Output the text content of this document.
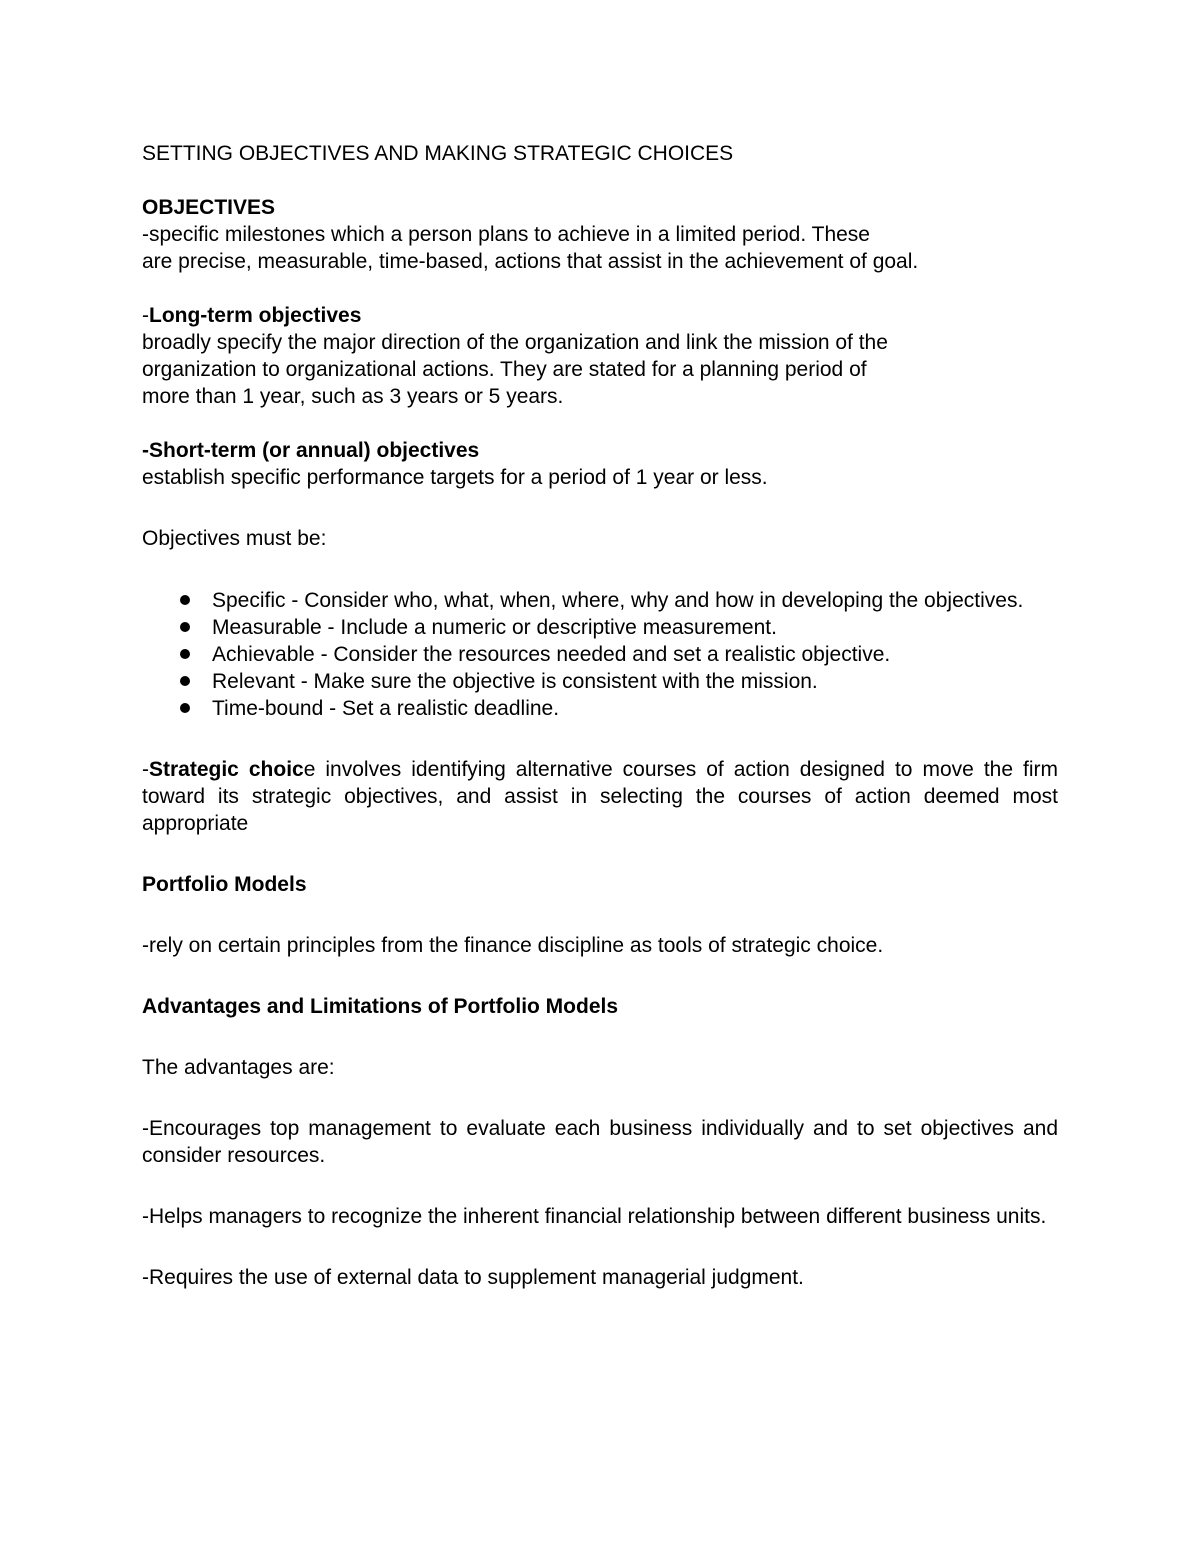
SETTING OBJECTIVES AND MAKING STRATEGIC CHOICES

OBJECTIVES

-specific milestones which a person plans to achieve in a limited period. These
are precise, measurable, time-based, actions that assist in the achievement of goal.

-Long-term objectives

broadly specify the major direction of the organization and link the mission of the
organization to organizational actions. They are stated for a planning period of
more than 1 year, such as 3 years or 5 years.

-Short-term (or annual) objectives

establish specific performance targets for a period of 1 year or less.

Objectives must be:

Specific - Consider who, what, when, where, why and how in developing the objectives.
Measurable - Include a numeric or descriptive measurement.
Achievable - Consider the resources needed and set a realistic objective.
Relevant - Make sure the objective is consistent with the mission.
Time-bound - Set a realistic deadline.

-Strategic choice involves identifying alternative courses of action designed to move the firm toward its strategic objectives, and assist in selecting the courses of action deemed most appropriate

Portfolio Models

-rely on certain principles from the finance discipline as tools of strategic choice.

Advantages and Limitations of Portfolio Models

The advantages are:

-Encourages top management to evaluate each business individually and to set objectives and consider resources.

-Helps managers to recognize the inherent financial relationship between different business units.

-Requires the use of external data to supplement managerial judgment.
